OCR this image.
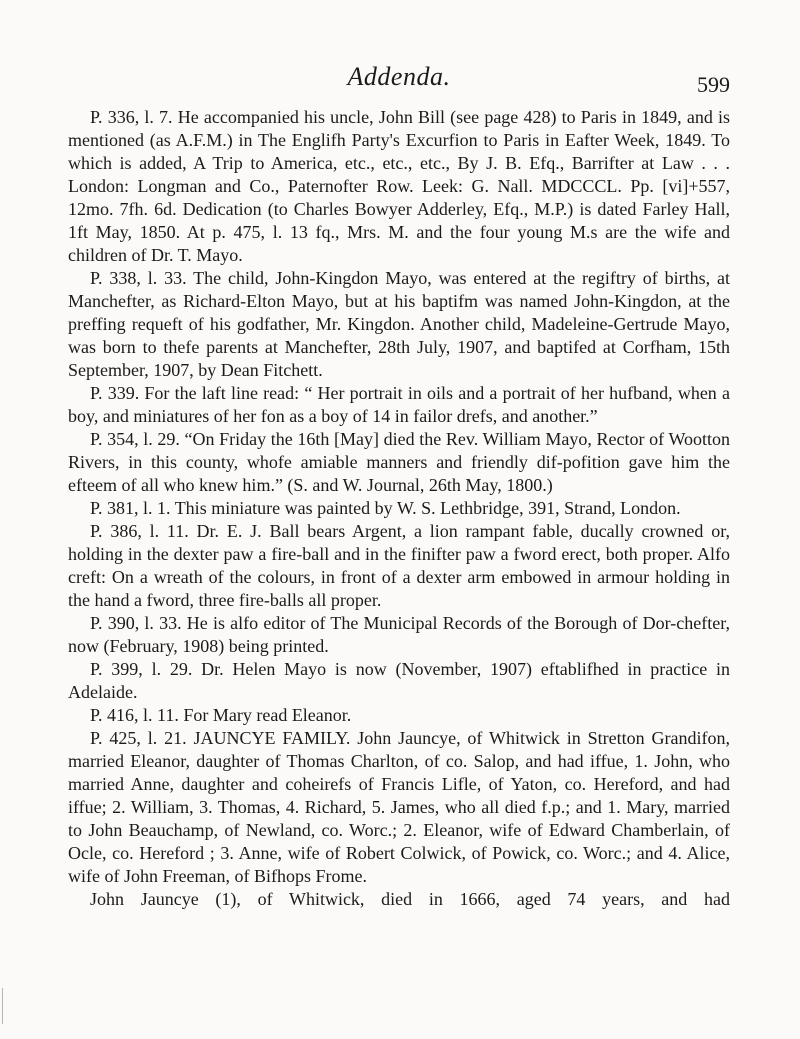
Addenda.	599

P. 336, l. 7. He accompanied his uncle, John Bill (see page 428) to Paris in 1849, and is mentioned (as A.F.M.) in The Englifh Party's Excurfion to Paris in Eafter Week, 1849. To which is added, A Trip to America, etc., etc., etc., By J. B. Efq., Barrifter at Law . . . London: Longman and Co., Paternofter Row. Leek: G. Nall. MDCCCL. Pp. [vi]+557, 12mo. 7fh. 6d. Dedication (to Charles Bowyer Adderley, Efq., M.P.) is dated Farley Hall, 1ft May, 1850. At p. 475, l. 13 fq., Mrs. M. and the four young M.s are the wife and children of Dr. T. Mayo.

P. 338, l. 33. The child, John-Kingdon Mayo, was entered at the regiftry of births, at Manchefter, as Richard-Elton Mayo, but at his baptifm was named John-Kingdon, at the preffing requeft of his godfather, Mr. Kingdon. Another child, Madeleine-Gertrude Mayo, was born to thefe parents at Manchefter, 28th July, 1907, and baptifed at Corfham, 15th September, 1907, by Dean Fitchett.

P. 339. For the laft line read: “ Her portrait in oils and a portrait of her hufband, when a boy, and miniatures of her fon as a boy of 14 in failor drefs, and another.”

P. 354, l. 29. “On Friday the 16th [May] died the Rev. William Mayo, Rector of Wootton Rivers, in this county, whofe amiable manners and friendly dif-pofition gave him the efteem of all who knew him.” (S. and W. Journal, 26th May, 1800.)

P. 381, l. 1. This miniature was painted by W. S. Lethbridge, 391, Strand, London.

P. 386, l. 11. Dr. E. J. Ball bears Argent, a lion rampant fable, ducally crowned or, holding in the dexter paw a fire-ball and in the finifter paw a fword erect, both proper. Alfo creft: On a wreath of the colours, in front of a dexter arm embowed in armour holding in the hand a fword, three fire-balls all proper.

P. 390, l. 33. He is alfo editor of The Municipal Records of the Borough of Dor-chefter, now (February, 1908) being printed.

P. 399, l. 29. Dr. Helen Mayo is now (November, 1907) eftablifhed in practice in Adelaide.

P. 416, l. 11. For Mary read Eleanor.

P. 425, l. 21. JAUNCYE FAMILY. John Jauncye, of Whitwick in Stretton Grandifon, married Eleanor, daughter of Thomas Charlton, of co. Salop, and had iffue, 1. John, who married Anne, daughter and coheirefs of Francis Lifle, of Yaton, co. Hereford, and had iffue; 2. William, 3. Thomas, 4. Richard, 5. James, who all died f.p.; and 1. Mary, married to John Beauchamp, of Newland, co. Worc.; 2. Eleanor, wife of Edward Chamberlain, of Ocle, co. Hereford ; 3. Anne, wife of Robert Colwick, of Powick, co. Worc.; and 4. Alice, wife of John Freeman, of Bifhops Frome.

John Jauncye (1), of Whitwick, died in 1666, aged 74 years, and had
